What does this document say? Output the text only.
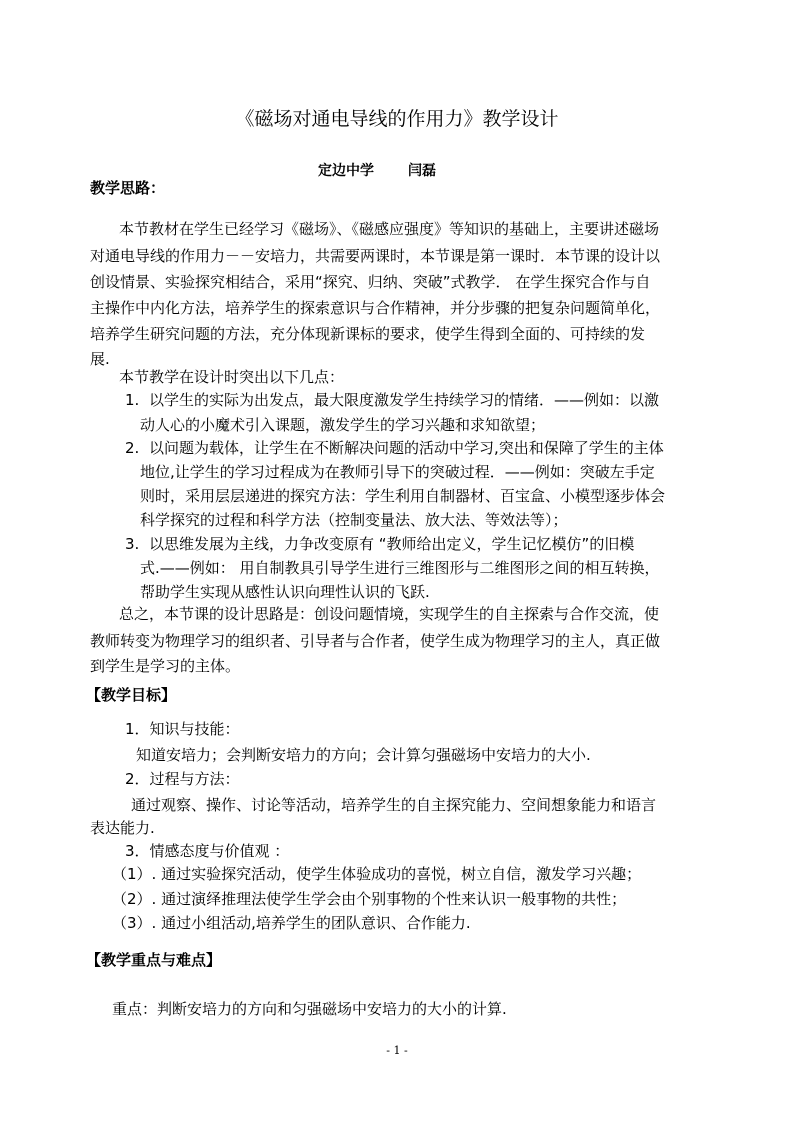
《磁场对通电导线的作用力》教学设计
定边中学 闫磊
教学思路：
本节教材在学生已经学习《磁场》、《磁感应强度》等知识的基础上，主要讲述磁场
对通电导线的作用力－－安培力，共需要两课时，本节课是第一课时．本节课的设计以
创设情景、实验探究相结合，采用“探究、归纳、突破”式教学． 在学生探究合作与自
主操作中内化方法，培养学生的探索意识与合作精神，并分步骤的把复杂问题简单化，
培养学生研究问题的方法，充分体现新课标的要求，使学生得到全面的、可持续的发
展.
本节教学在设计时突出以下几点：
1. 以学生的实际为出发点，最大限度激发学生持续学习的情绪．——例如：以激
动人心的小魔术引入课题，激发学生的学习兴趣和求知欲望；
2. 以问题为载体，让学生在不断解决问题的活动中学习,突出和保障了学生的主体
地位,让学生的学习过程成为在教师引导下的突破过程．——例如：突破左手定
则时，采用层层递进的探究方法：学生利用自制器材、百宝盒、小模型逐步体会
科学探究的过程和科学方法（控制变量法、放大法、等效法等）；
3. 以思维发展为主线，力争改变原有 “教师给出定义，学生记忆模仿”的旧模
式.——例如： 用自制教具引导学生进行三维图形与二维图形之间的相互转换，
帮助学生实现从感性认识向理性认识的飞跃.
总之，本节课的设计思路是：创设问题情境，实现学生的自主探索与合作交流，使
教师转变为物理学习的组织者、引导者与合作者，使学生成为物理学习的主人，真正做
到学生是学习的主体。
【教学目标】
1．知识与技能：
知道安培力；会判断安培力的方向；会计算匀强磁场中安培力的大小.
2．过程与方法：
通过观察、操作、讨论等活动，培养学生的自主探究能力、空间想象能力和语言
表达能力.
3．情感态度与价值观 ：
（1）. 通过实验探究活动，使学生体验成功的喜悦，树立自信，激发学习兴趣；
（2）. 通过演绎推理法使学生学会由个别事物的个性来认识一般事物的共性；
（3）. 通过小组活动,培养学生的团队意识、合作能力.
【教学重点与难点】
重点：判断安培力的方向和匀强磁场中安培力的大小的计算.
- 1 -
